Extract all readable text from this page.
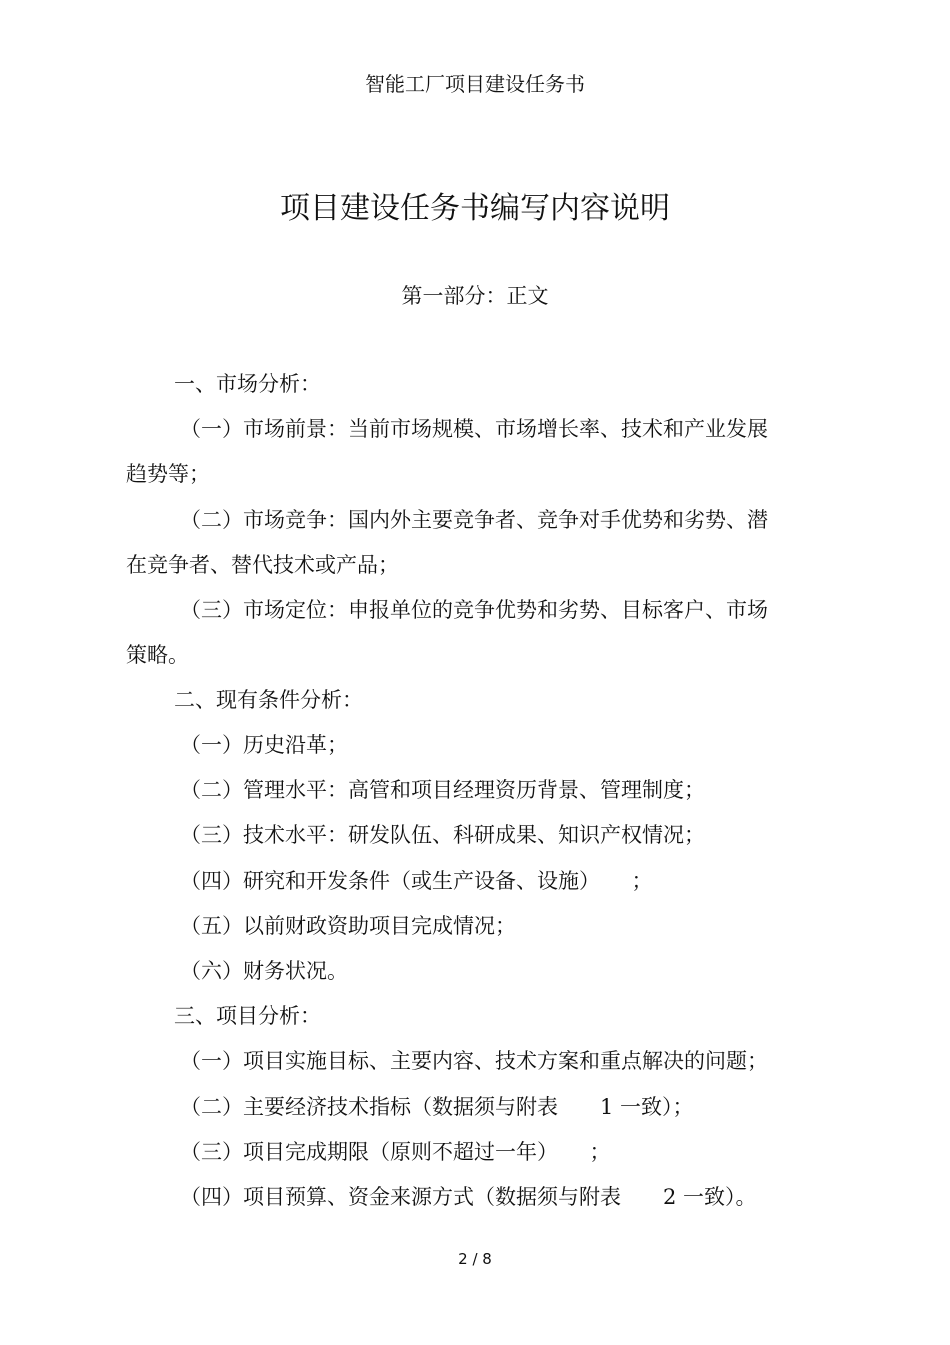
智能工厂项目建设任务书
项目建设任务书编写内容说明
第一部分：正文
一、市场分析：
（一）市场前景：当前市场规模、市场增长率、技术和产业发展
趋势等；
（二）市场竞争：国内外主要竞争者、竞争对手优势和劣势、潜
在竞争者、替代技术或产品；
（三）市场定位：申报单位的竞争优势和劣势、目标客户、市场
策略。
二、现有条件分析：
（一）历史沿革；
（二）管理水平：高管和项目经理资历背景、管理制度；
（三）技术水平：研发队伍、科研成果、知识产权情况；
（四）研究和开发条件（或生产设备、设施）　　；
（五）以前财政资助项目完成情况；
（六）财务状况。
三、项目分析：
（一）项目实施目标、主要内容、技术方案和重点解决的问题；
（二）主要经济技术指标（数据须与附表　　1 一致）；
（三）项目完成期限（原则不超过一年）　　；
（四）项目预算、资金来源方式（数据须与附表　　2 一致）。
2 / 8
